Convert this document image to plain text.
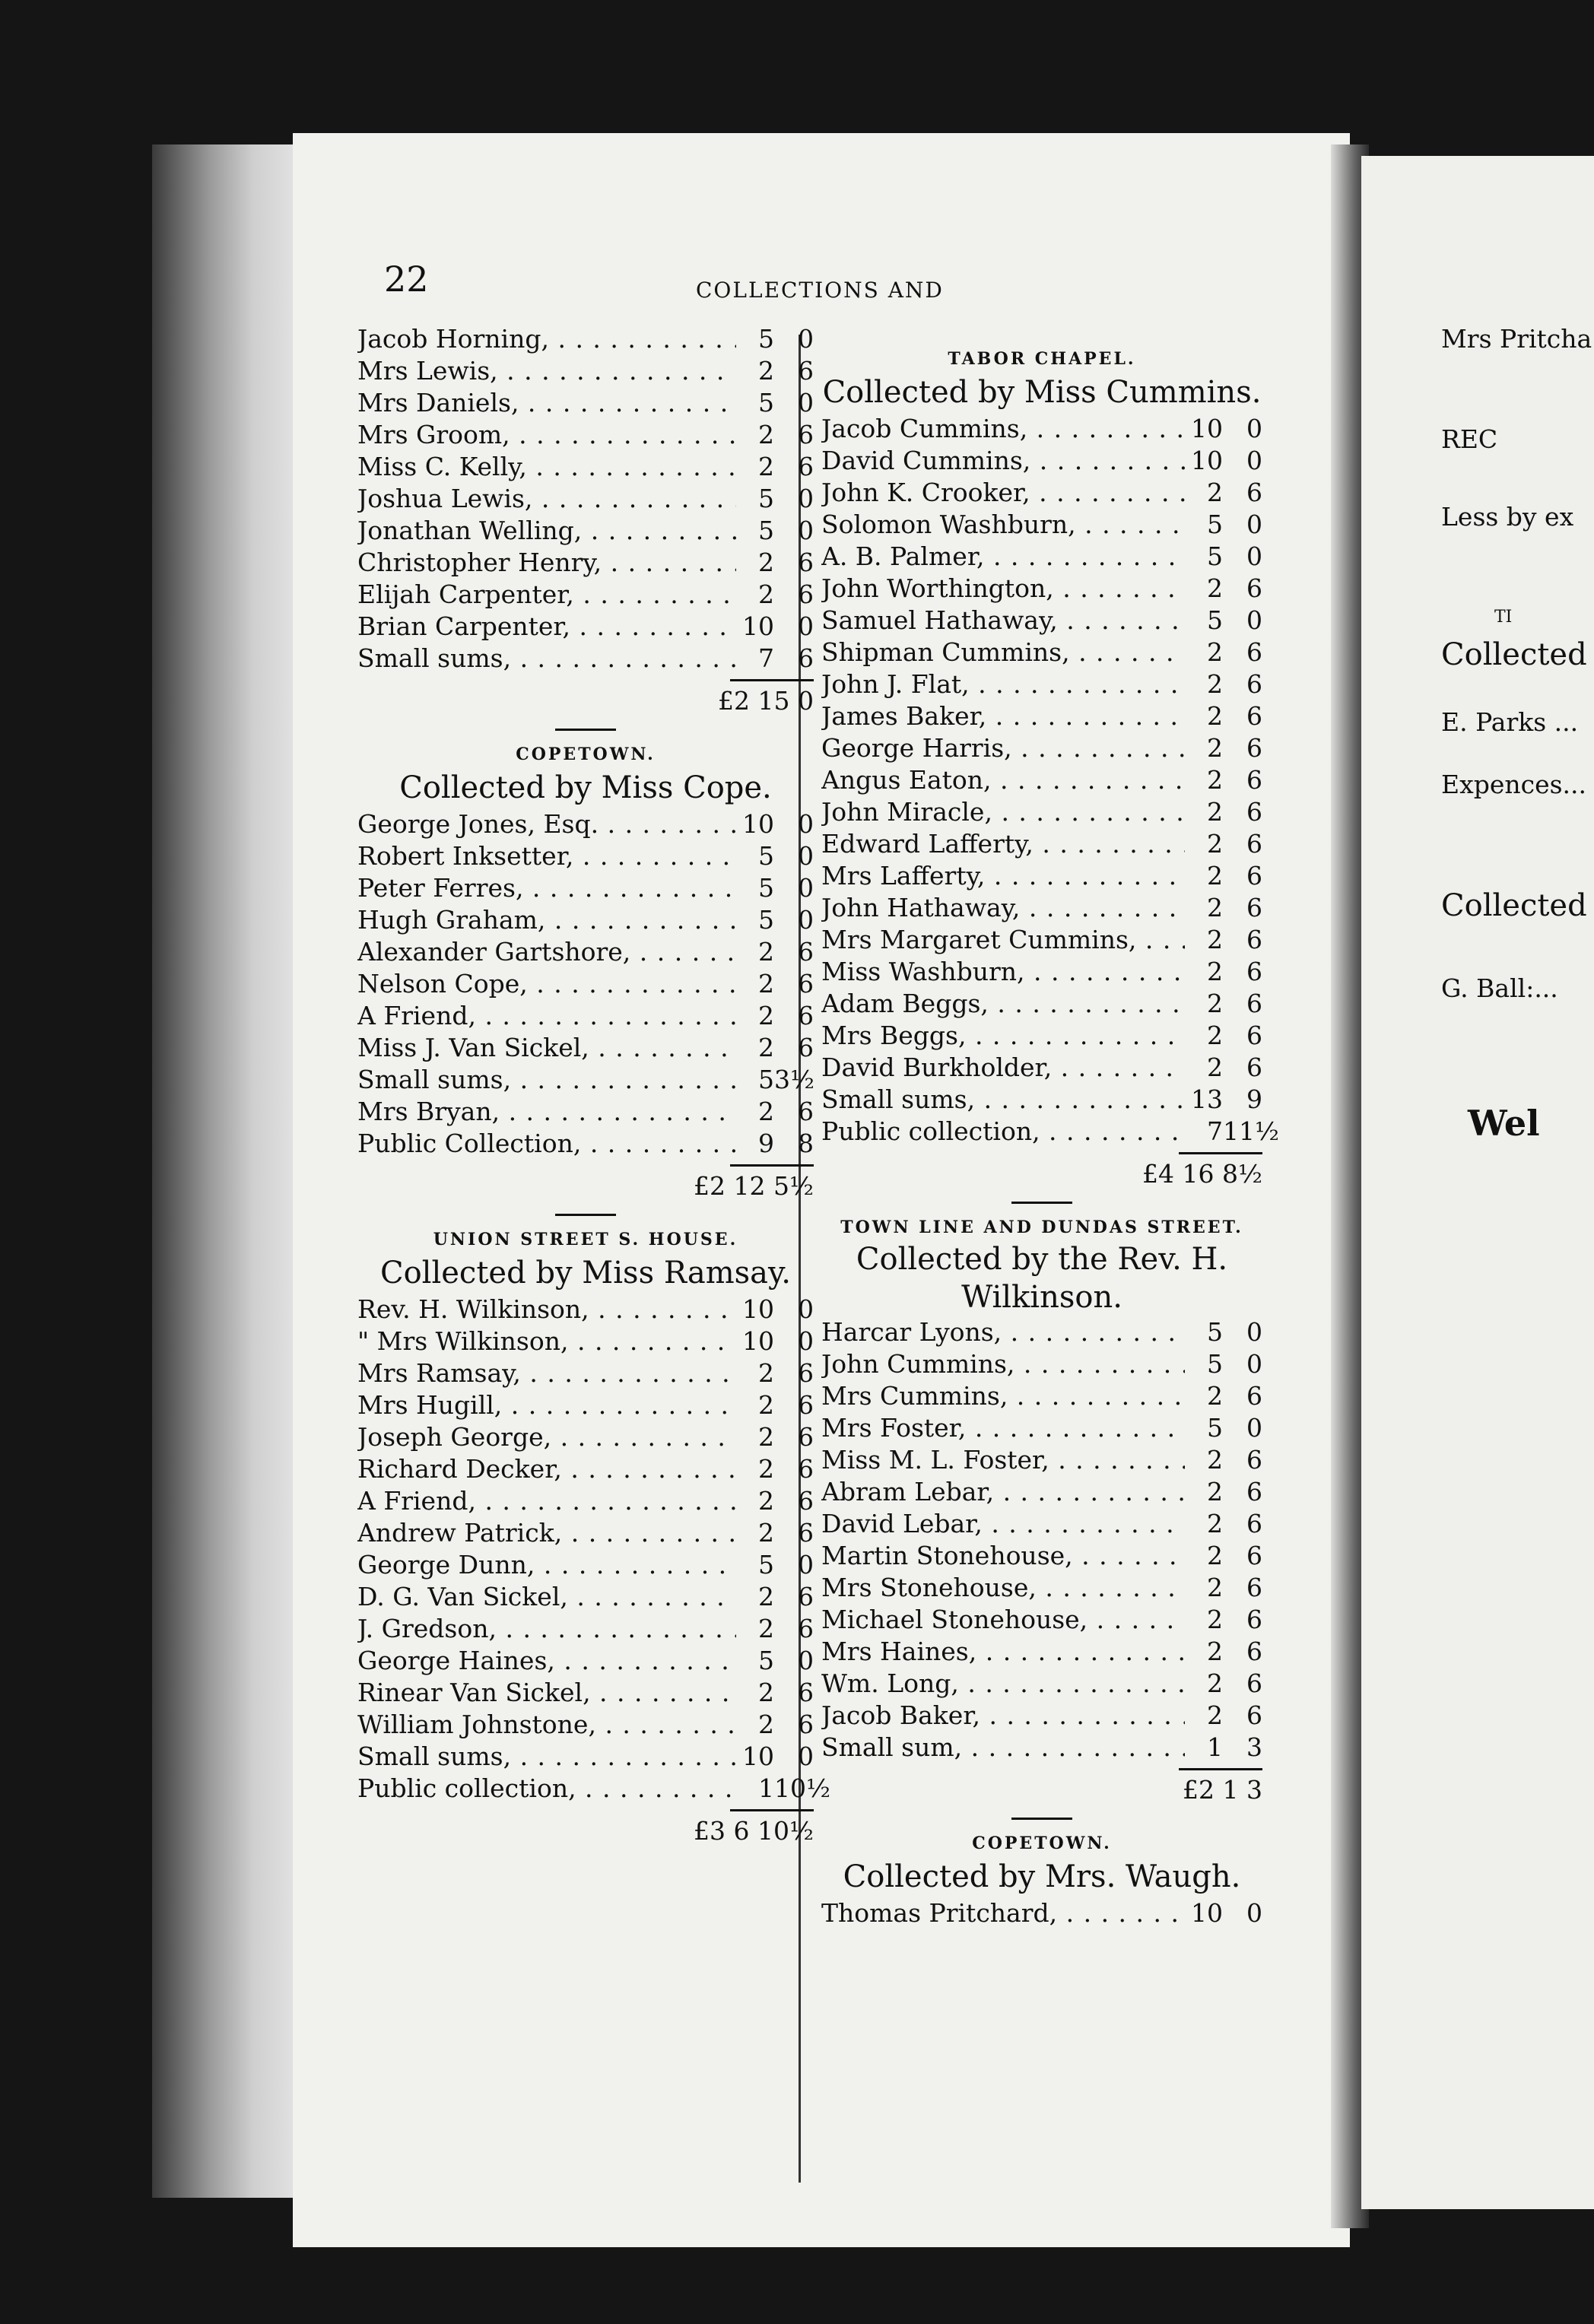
22	COLLECTIONS AND
Jacob Horning, . . .	5 0
Mrs Lewis, . . .	2 6
Mrs Daniels, . . .	5 0
Mrs Groom, . . .	2 6
Miss C. Kelly, . . .	2 6
Joshua Lewis, . . .	5 0
Jonathan Welling, . . .	5 0
Christopher Henry, . . .	2 6
Elijah Carpenter, . . .	2 6
Brian Carpenter, . . .	10 0
Small sums, . . .	7 6
£2 15 0
COPETOWN.
Collected by Miss Cope.
George Jones, Esq. . . .	10 0
Robert Inksetter, . . .	5 0
Peter Ferres, . . .	5 0
Hugh Graham, . . .	5 0
Alexander Gartshore, . . .	2 6
Nelson Cope, . . .	2 6
A Friend, . . .	2 6
Miss J. Van Sickel, . . .	2 6
Small sums, . . .	5 3½
Mrs Bryan, . . .	2 6
Public Collection, . . .	9 8
£2 12 5½
UNION STREET S. HOUSE.
Collected by Miss Ramsay.
Rev. H. Wilkinson, . . .	10 0
" Mrs Wilkinson, . . .	10 0
Mrs Ramsay, . . .	2 6
Mrs Hugill, . . .	2 6
Joseph George, . . .	2 6
Richard Decker, . . .	2 6
A Friend, . . .	2 6
Andrew Patrick, . . .	2 6
George Dunn, . . .	5 0
D. G. Van Sickel, . . .	2 6
J. Gredson, . . .	2 6
George Haines, . . .	5 0
Rinear Van Sickel, . . .	2 6
William Johnstone, . . .	2 6
Small sums, . . .	10 0
Public collection, . . .	1 10½
£3 6 10½
TABOR CHAPEL.
Collected by Miss Cummins.
Jacob Cummins, . . .	10 0
David Cummins, . . .	10 0
John K. Crooker, . . .	2 6
Solomon Washburn, . . .	5 0
A. B. Palmer, . . .	5 0
John Worthington, . . .	2 6
Samuel Hathaway, . . .	5 0
Shipman Cummins, . . .	2 6
John J. Flat, . . .	2 6
James Baker, . . .	2 6
George Harris, . . .	2 6
Angus Eaton, . . .	2 6
John Miracle, . . .	2 6
Edward Lafferty, . . .	2 6
Mrs Lafferty, . . .	2 6
John Hathaway, . . .	2 6
Mrs Margaret Cummins, . . .	2 6
Miss Washburn, . . .	2 6
Adam Beggs, . . .	2 6
Mrs Beggs, . . .	2 6
David Burkholder, . . .	2 6
Small sums, . . .	13 9
Public collection, . . .	7 11½
£4 16 8½
TOWN LINE AND DUNDAS STREET.
Collected by the Rev. H. Wilkinson.
Harcar Lyons, . . .	5 0
John Cummins, . . .	5 0
Mrs Cummins, . . .	2 6
Mrs Foster, . . .	5 0
Miss M. L. Foster, . . .	2 6
Abram Lebar, . . .	2 6
David Lebar, . . .	2 6
Martin Stonehouse, . . .	2 6
Mrs Stonehouse, . . .	2 6
Michael Stonehouse, . . .	2 6
Mrs Haines, . . .	2 6
Wm. Long, . . .	2 6
Jacob Baker, . . .	2 6
Small sum, . . .	1 3
£2 1 3
COPETOWN.
Collected by Mrs. Waugh.
Thomas Pritchard, . . .	10 0
Mrs Pritcha
REC
Less by ex
TI
Collected
E. Parks ...
Expences...
Collected
G. Ball:...
Wel
